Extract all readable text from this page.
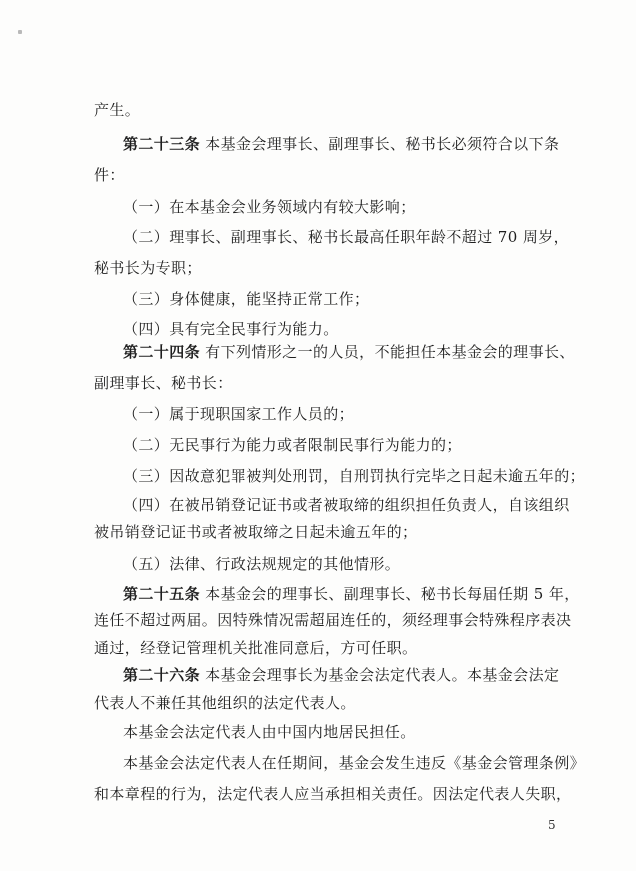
产生。
第二十三条 本基金会理事长、副理事长、秘书长必须符合以下条
件：
（一）在本基金会业务领域内有较大影响；
（二）理事长、副理事长、秘书长最高任职年龄不超过 70 周岁，
秘书长为专职；
（三）身体健康，能坚持正常工作；
（四）具有完全民事行为能力。
第二十四条 有下列情形之一的人员，不能担任本基金会的理事长、
副理事长、秘书长：
（一）属于现职国家工作人员的；
（二）无民事行为能力或者限制民事行为能力的；
（三）因故意犯罪被判处刑罚，自刑罚执行完毕之日起未逾五年的；
（四）在被吊销登记证书或者被取缔的组织担任负责人，自该组织
被吊销登记证书或者被取缔之日起未逾五年的；
（五）法律、行政法规规定的其他情形。
第二十五条 本基金会的理事长、副理事长、秘书长每届任期 5 年，
连任不超过两届。因特殊情况需超届连任的，须经理事会特殊程序表决
通过，经登记管理机关批准同意后，方可任职。
第二十六条 本基金会理事长为基金会法定代表人。本基金会法定
代表人不兼任其他组织的法定代表人。
本基金会法定代表人由中国内地居民担任。
本基金会法定代表人在任期间，基金会发生违反《基金会管理条例》
和本章程的行为，法定代表人应当承担相关责任。因法定代表人失职，
5
